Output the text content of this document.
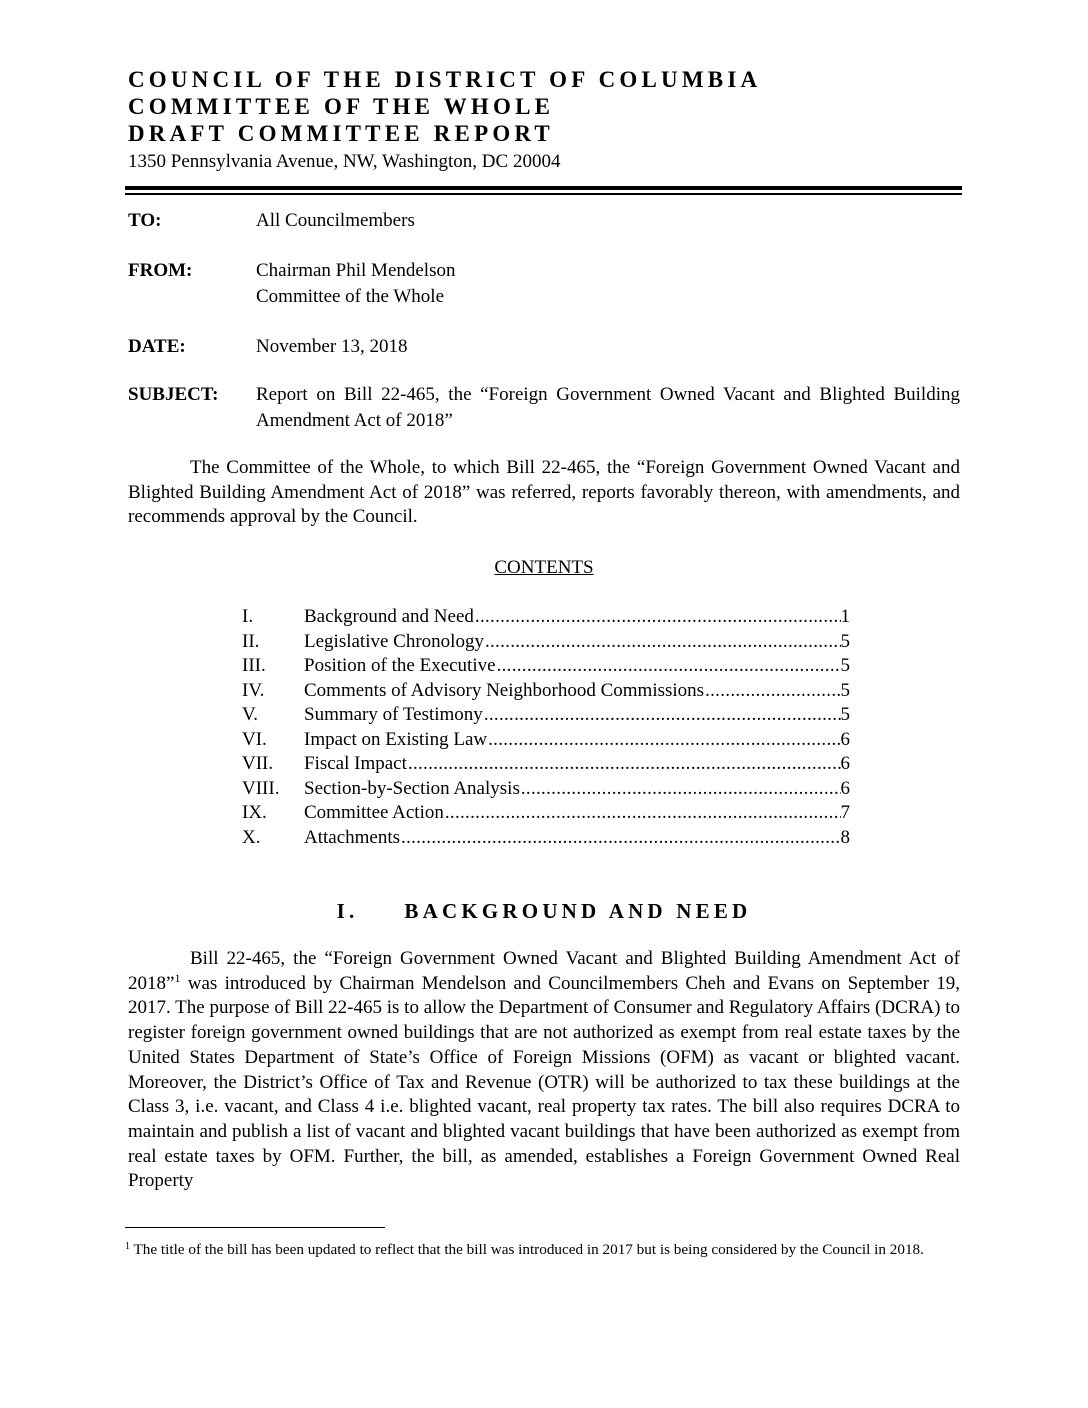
COUNCIL OF THE DISTRICT OF COLUMBIA
COMMITTEE OF THE WHOLE
DRAFT COMMITTEE REPORT
1350 Pennsylvania Avenue, NW, Washington, DC 20004
TO:	All Councilmembers
FROM:	Chairman Phil Mendelson
Committee of the Whole
DATE:	November 13, 2018
SUBJECT: Report on Bill 22-465, the “Foreign Government Owned Vacant and Blighted Building Amendment Act of 2018”
The Committee of the Whole, to which Bill 22-465, the “Foreign Government Owned Vacant and Blighted Building Amendment Act of 2018” was referred, reports favorably thereon, with amendments, and recommends approval by the Council.
CONTENTS
I.	Background and Need .....	1
II.	Legislative Chronology .....	5
III.	Position of the Executive .....	5
IV.	Comments of Advisory Neighborhood Commissions .....	5
V.	Summary of Testimony .....	5
VI.	Impact on Existing Law .....	6
VII.	Fiscal Impact .....	6
VIII.	Section-by-Section Analysis .....	6
IX.	Committee Action .....	7
X.	Attachments .....	8
I. BACKGROUND AND NEED
Bill 22-465, the “Foreign Government Owned Vacant and Blighted Building Amendment Act of 2018”$^1$ was introduced by Chairman Mendelson and Councilmembers Cheh and Evans on September 19, 2017. The purpose of Bill 22-465 is to allow the Department of Consumer and Regulatory Affairs (DCRA) to register foreign government owned buildings that are not authorized as exempt from real estate taxes by the United States Department of State’s Office of Foreign Missions (OFM) as vacant or blighted vacant. Moreover, the District’s Office of Tax and Revenue (OTR) will be authorized to tax these buildings at the Class 3, i.e. vacant, and Class 4 i.e. blighted vacant, real property tax rates. The bill also requires DCRA to maintain and publish a list of vacant and blighted vacant buildings that have been authorized as exempt from real estate taxes by OFM. Further, the bill, as amended, establishes a Foreign Government Owned Real Property
$^1$ The title of the bill has been updated to reflect that the bill was introduced in 2017 but is being considered by the Council in 2018.
